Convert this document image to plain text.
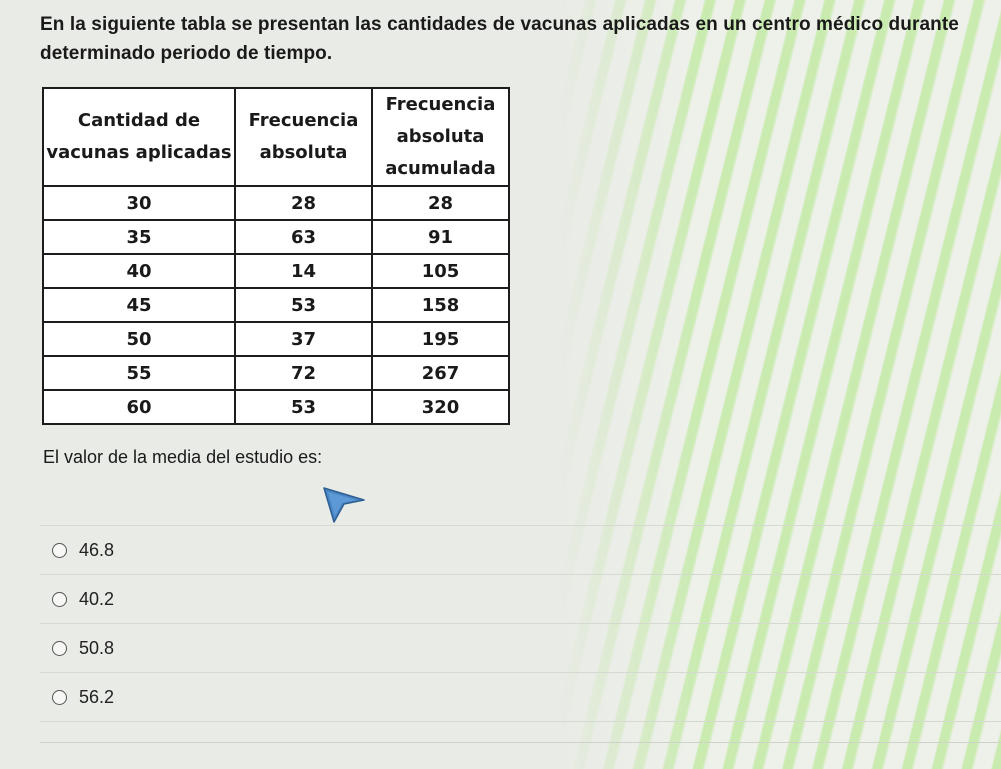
En la siguiente tabla se presentan las cantidades de vacunas aplicadas en un centro médico durante determinado periodo de tiempo.
Cantidad de vacunas aplicadas	Frecuencia absoluta	Frecuencia absoluta acumulada
30	28	28
35	63	91
40	14	105
45	53	158
50	37	195
55	72	267
60	53	320
El valor de la media del estudio es:
46.8
40.2
50.8
56.2
